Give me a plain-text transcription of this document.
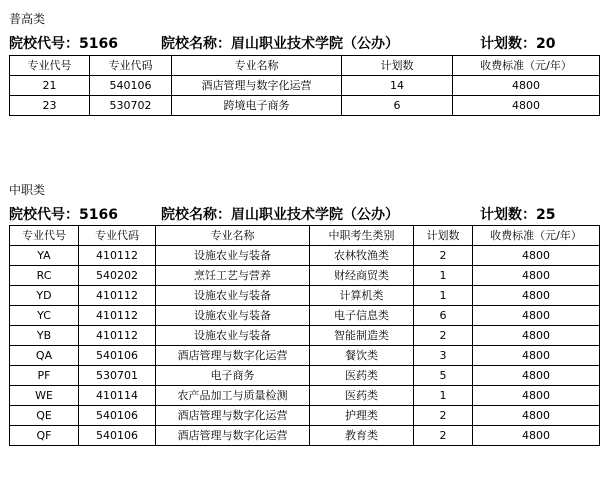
普高类
院校代号：5166	院校名称：眉山职业技术学院（公办）	计划数：20
专业代号	专业代码	专业名称	计划数	收费标准（元/年）
21	540106	酒店管理与数字化运营	14	4800
23	530702	跨境电子商务	6	4800
中职类
院校代号：5166	院校名称：眉山职业技术学院（公办）	计划数：25
专业代号	专业代码	专业名称	中职考生类别	计划数	收费标准（元/年）
YA	410112	设施农业与装备	农林牧渔类	2	4800
RC	540202	烹饪工艺与营养	财经商贸类	1	4800
YD	410112	设施农业与装备	计算机类	1	4800
YC	410112	设施农业与装备	电子信息类	6	4800
YB	410112	设施农业与装备	智能制造类	2	4800
QA	540106	酒店管理与数字化运营	餐饮类	3	4800
PF	530701	电子商务	医药类	5	4800
WE	410114	农产品加工与质量检测	医药类	1	4800
QE	540106	酒店管理与数字化运营	护理类	2	4800
QF	540106	酒店管理与数字化运营	教育类	2	4800
